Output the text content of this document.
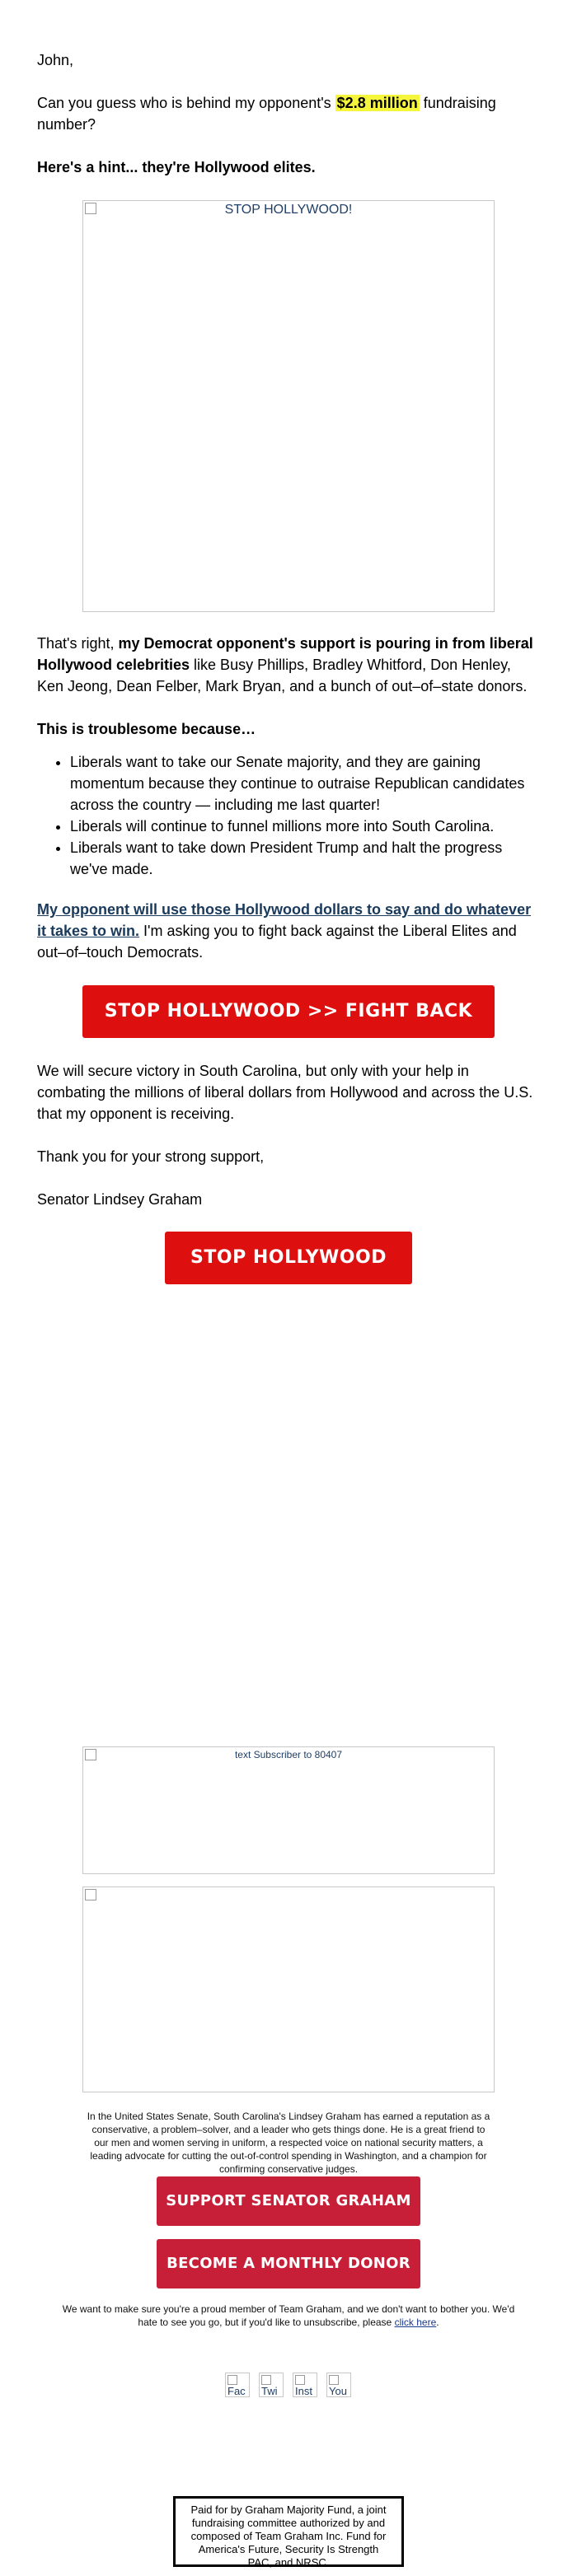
John,

Can you guess who is behind my opponent's $2.8 million fundraising number?

Here's a hint... they're Hollywood elites.

STOP HOLLYWOOD!

That's right, my Democrat opponent's support is pouring in from liberal Hollywood celebrities like Busy Phillips, Bradley Whitford, Don Henley, Ken Jeong, Dean Felber, Mark Bryan, and a bunch of out–of–state donors.

This is troublesome because…

• Liberals want to take our Senate majority, and they are gaining momentum because they continue to outraise Republican candidates across the country — including me last quarter!
• Liberals will continue to funnel millions more into South Carolina.
• Liberals want to take down President Trump and halt the progress we've made.

My opponent will use those Hollywood dollars to say and do whatever it takes to win. I'm asking you to fight back against the Liberal Elites and out–of–touch Democrats.

STOP HOLLYWOOD >> FIGHT BACK

We will secure victory in South Carolina, but only with your help in combating the millions of liberal dollars from Hollywood and across the U.S. that my opponent is receiving.

Thank you for your strong support,

Senator Lindsey Graham

STOP HOLLYWOOD
text Subscriber to 80407

In the United States Senate, South Carolina's Lindsey Graham has earned a reputation as a conservative, a problem–solver, and a leader who gets things done. He is a great friend to our men and women serving in uniform, a respected voice on national security matters, a leading advocate for cutting the out-of-control spending in Washington, and a champion for confirming conservative judges.

SUPPORT SENATOR GRAHAM
BECOME A MONTHLY DONOR

We want to make sure you're a proud member of Team Graham, and we don't want to bother you. We'd hate to see you go, but if you'd like to unsubscribe, please click here.

Fac	Twi	Inst	You
Paid for by Graham Majority Fund, a joint fundraising committee authorized by and composed of Team Graham Inc. Fund for America's Future, Security Is Strength PAC, and NRSC.
